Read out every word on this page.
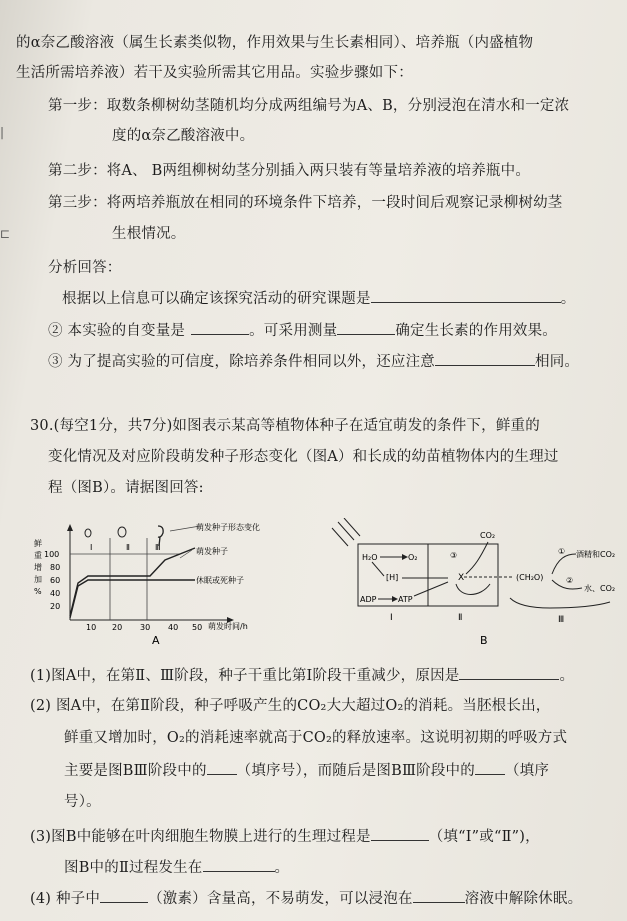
|
⊏
的α奈乙酸溶液（属生长素类似物，作用效果与生长素相同）、培养瓶（内盛植物
生活所需培养液）若干及实验所需其它用品。实验步骤如下：
第一步：取数条柳树幼茎随机均分成两组编号为A、B，分别浸泡在清水和一定浓
度的α奈乙酸溶液中。
第二步：将A、 B两组柳树幼茎分别插入两只装有等量培养液的培养瓶中。
第三步：将两培养瓶放在相同的环境条件下培养，一段时间后观察记录柳树幼茎
生根情况。
分析回答：
根据以上信息可以确定该探究活动的研究课题是	。
② 本实验的自变量是	。可采用测量	确定生长素的作用效果。
③ 为了提高实验的可信度，除培养条件相同以外，还应注意	相同。
30.(每空1分，共7分)如图表示某高等植物体种子在适宜萌发的条件下，鲜重的
变化情况及对应阶段萌发种子形态变化（图A）和长成的幼苗植物体内的生理过
程（图B）。请据图回答:
鲜
重
增
加
%
100
80
60
40
20
Ⅰ	Ⅱ	Ⅲ
萌发种子形态变化
萌发种子
休眠或死种子
10 20 30 40 50 萌发时间/h
A
H₂O	O₂
[H]
ADP	ATP
③
X
CO₂
(CH₂O)
① 酒精和CO₂
②
水、CO₂
Ⅰ	Ⅱ	Ⅲ
B
(1)图A中，在第Ⅱ、Ⅲ阶段，种子干重比第Ⅰ阶段干重减少，原因是	。
(2) 图A中，在第Ⅱ阶段，种子呼吸产生的CO₂大大超过O₂的消耗。当胚根长出，
鲜重又增加时，O₂的消耗速率就高于CO₂的释放速率。这说明初期的呼吸方式
主要是图BⅢ阶段中的 （填序号），而随后是图BⅢ阶段中的 （填序
号）。
(3)图B中能够在叶肉细胞生物膜上进行的生理过程是	（填“Ⅰ”或“Ⅱ”)，
图B中的Ⅱ过程发生在	。
(4) 种子中	（激素）含量高，不易萌发，可以浸泡在	溶液中解除休眠。
